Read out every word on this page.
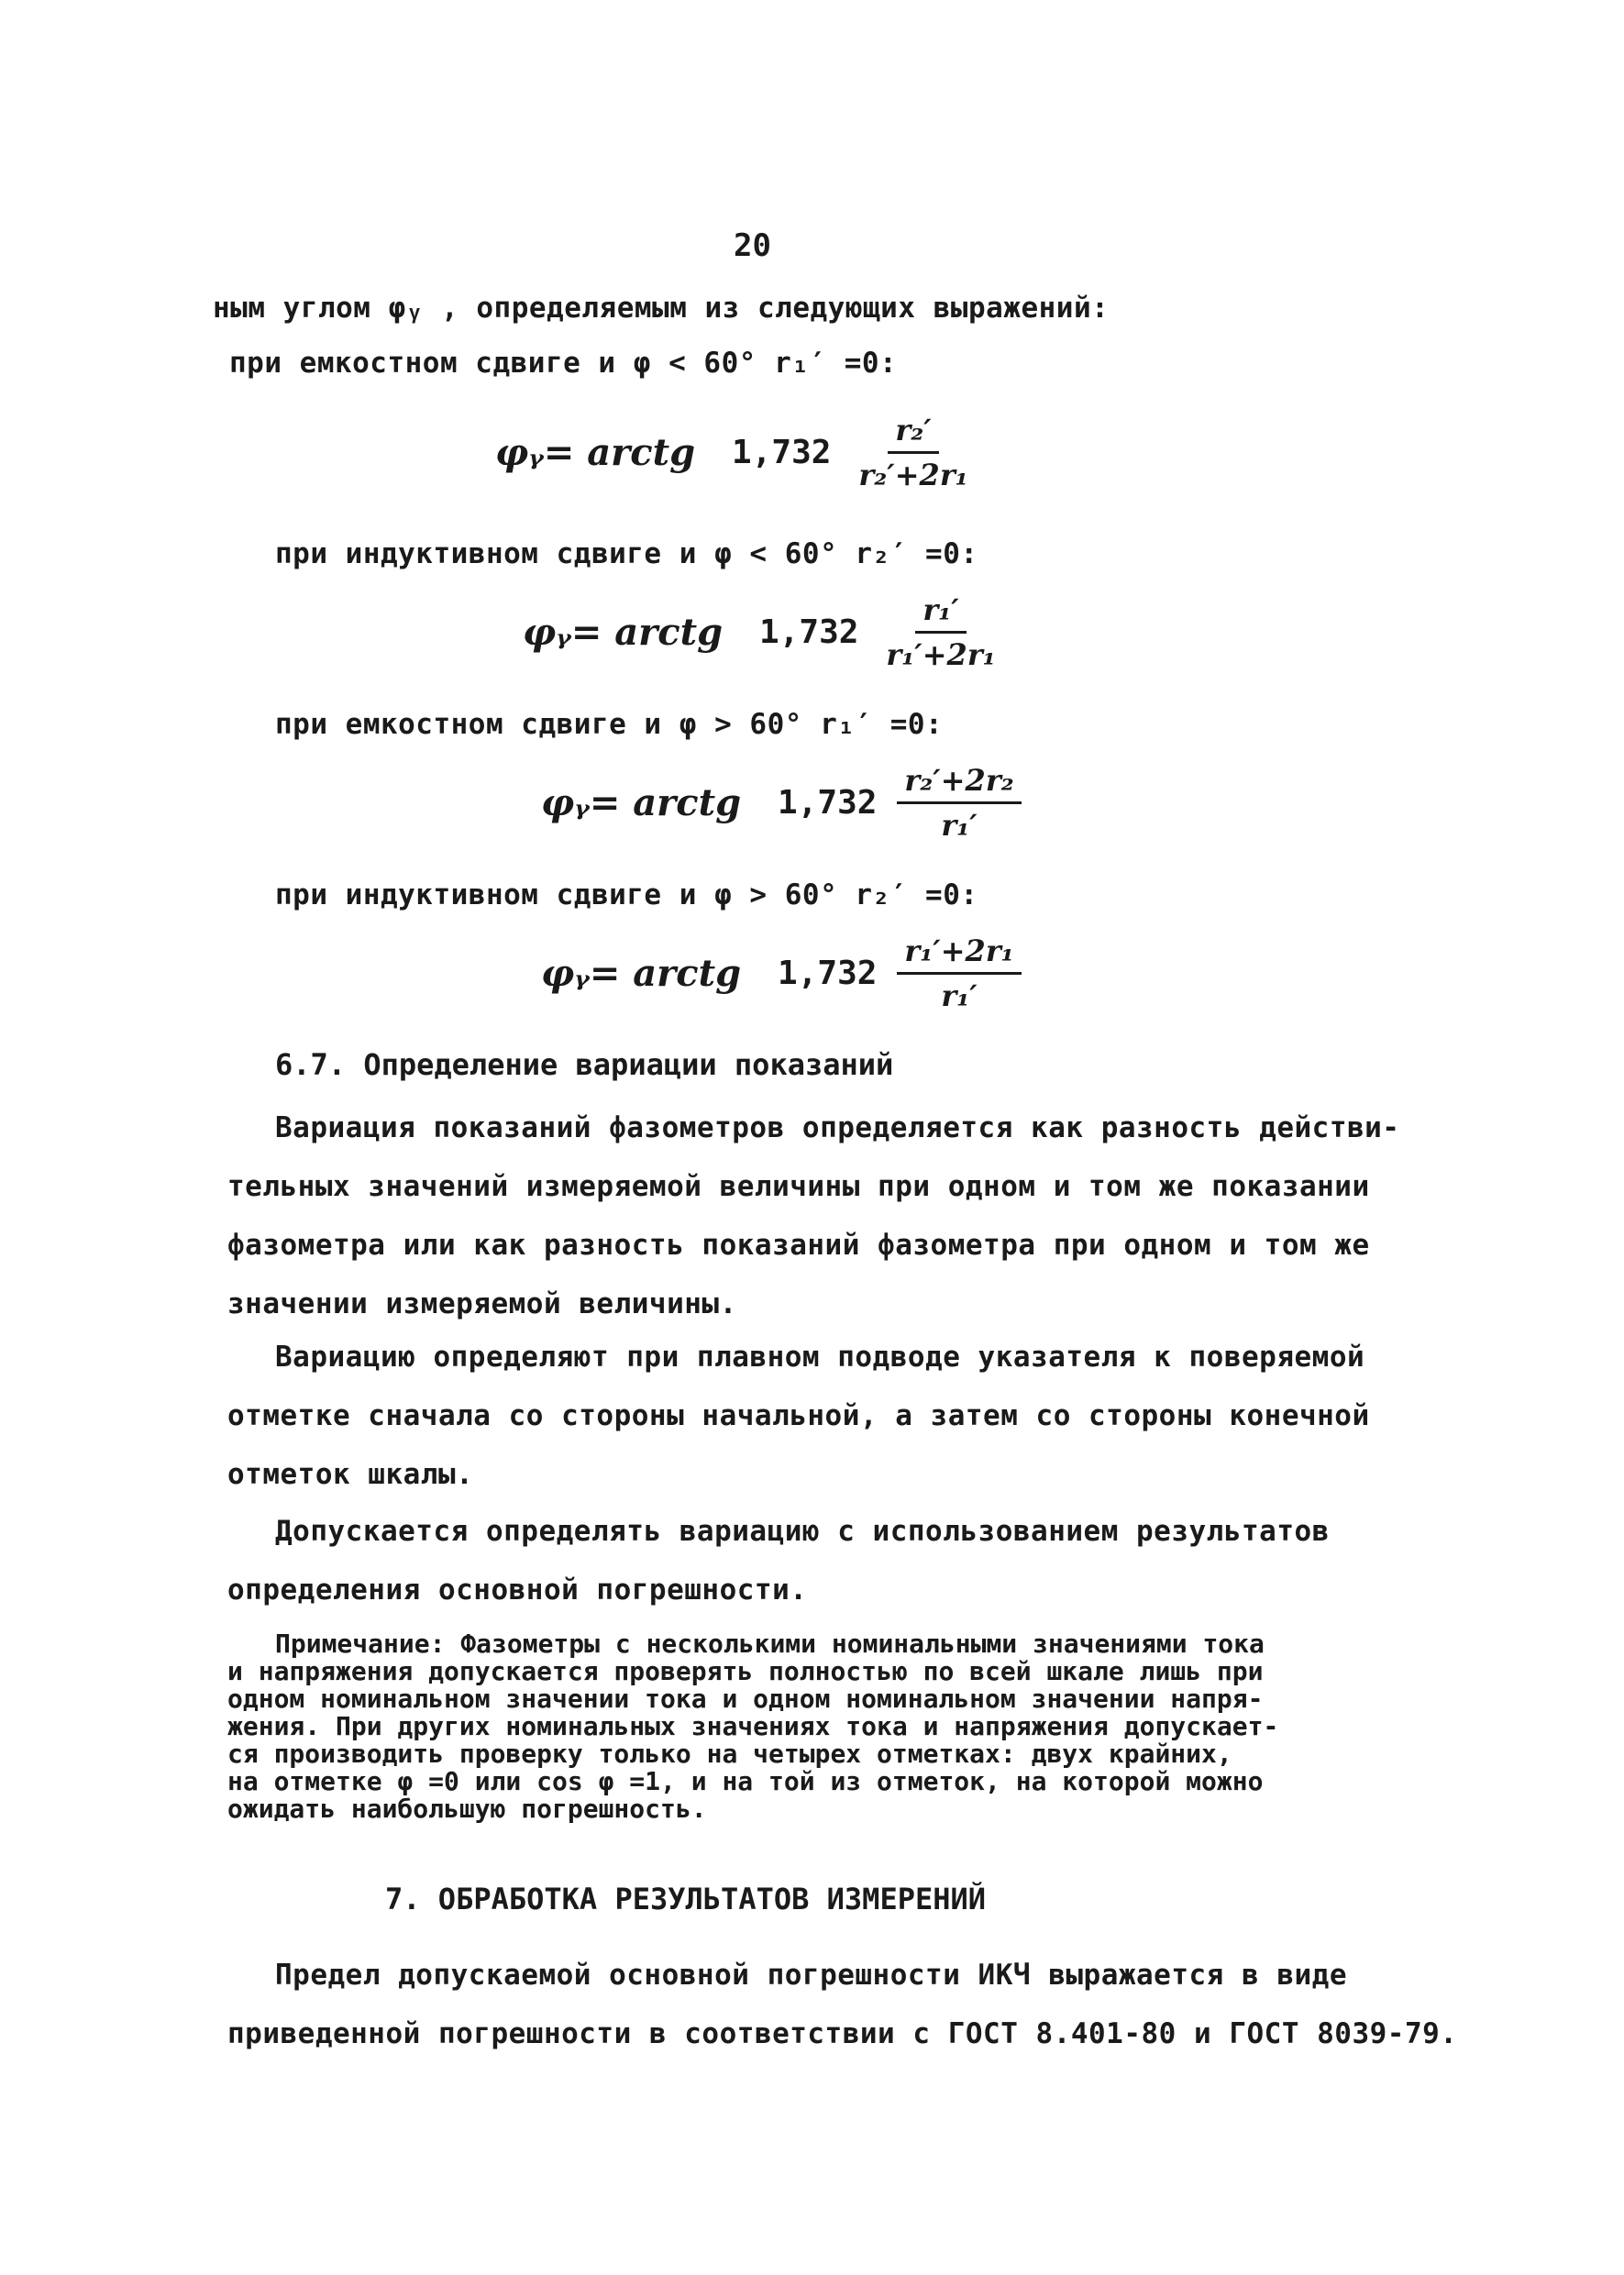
20
ным углом φᵧ , определяемым из следующих выражений:
при емкостном сдвиге и φ < 60° r₁′ =0:
φᵧ= arctg $1,732 \frac{\text{r₂′}}{\text{r₂′+2r₁}}$
при индуктивном сдвиге и φ < 60° r₂′ =0:
φᵧ= arctg $1,732 \frac{\text{r₁′}}{\text{r₁′+2r₁}}$
при емкостном сдвиге и φ > 60° r₁′ =0:
φᵧ= arctg $1,732 \frac{\text{r₂′+2r₂}}{\text{r₁′}}$
при индуктивном сдвиге и φ > 60° r₂′ =0:
φᵧ= arctg $1,732 \frac{\text{r₁′+2r₁}}{\text{r₁′}}$
6.7. Определение вариации показаний
Вариация показаний фазометров определяется как разность действи-
тельных значений измеряемой величины при одном и том же показании
фазометра или как разность показаний фазометра при одном и том же
значении измеряемой величины.
Вариацию определяют при плавном подводе указателя к поверяемой
отметке сначала со стороны начальной, а затем со стороны конечной
отметок шкалы.
Допускается определять вариацию с использованием результатов
определения основной погрешности.
Примечание: Фазометры с несколькими номинальными значениями тока
и напряжения допускается проверять полностью по всей шкале лишь при
одном номинальном значении тока и одном номинальном значении напря-
жения. При других номинальных значениях тока и напряжения допускает-
ся производить проверку только на четырех отметках: двух крайних,
на отметке φ =0 или cos φ =1, и на той из отметок, на которой можно
ожидать наибольшую погрешность.
7. ОБРАБОТКА РЕЗУЛЬТАТОВ ИЗМЕРЕНИЙ
Предел допускаемой основной погрешности ИКЧ выражается в виде
приведенной погрешности в соответствии с ГОСТ 8.401-80 и ГОСТ 8039-79.
